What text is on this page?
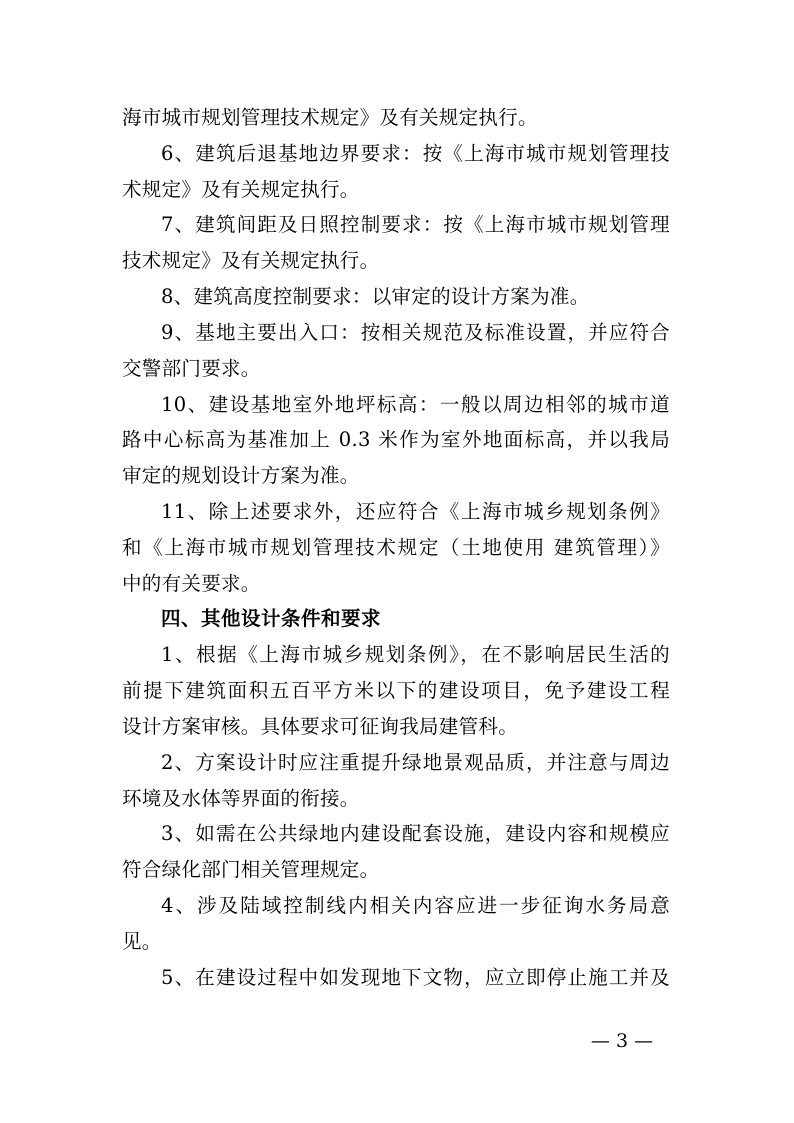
海市城市规划管理技术规定》及有关规定执行。
6、建筑后退基地边界要求：按《上海市城市规划管理技
术规定》及有关规定执行。
7、建筑间距及日照控制要求：按《上海市城市规划管理
技术规定》及有关规定执行。
8、建筑高度控制要求：以审定的设计方案为准。
9、基地主要出入口：按相关规范及标准设置，并应符合
交警部门要求。
10、建设基地室外地坪标高：一般以周边相邻的城市道
路中心标高为基准加上 0.3 米作为室外地面标高，并以我局
审定的规划设计方案为准。
11、除上述要求外，还应符合《上海市城乡规划条例》
和《上海市城市规划管理技术规定（土地使用 建筑管理）》
中的有关要求。
四、其他设计条件和要求
1、根据《上海市城乡规划条例》，在不影响居民生活的
前提下建筑面积五百平方米以下的建设项目，免予建设工程
设计方案审核。具体要求可征询我局建管科。
2、方案设计时应注重提升绿地景观品质，并注意与周边
环境及水体等界面的衔接。
3、如需在公共绿地内建设配套设施，建设内容和规模应
符合绿化部门相关管理规定。
4、涉及陆域控制线内相关内容应进一步征询水务局意
见。
5、在建设过程中如发现地下文物，应立即停止施工并及
— 3 —
